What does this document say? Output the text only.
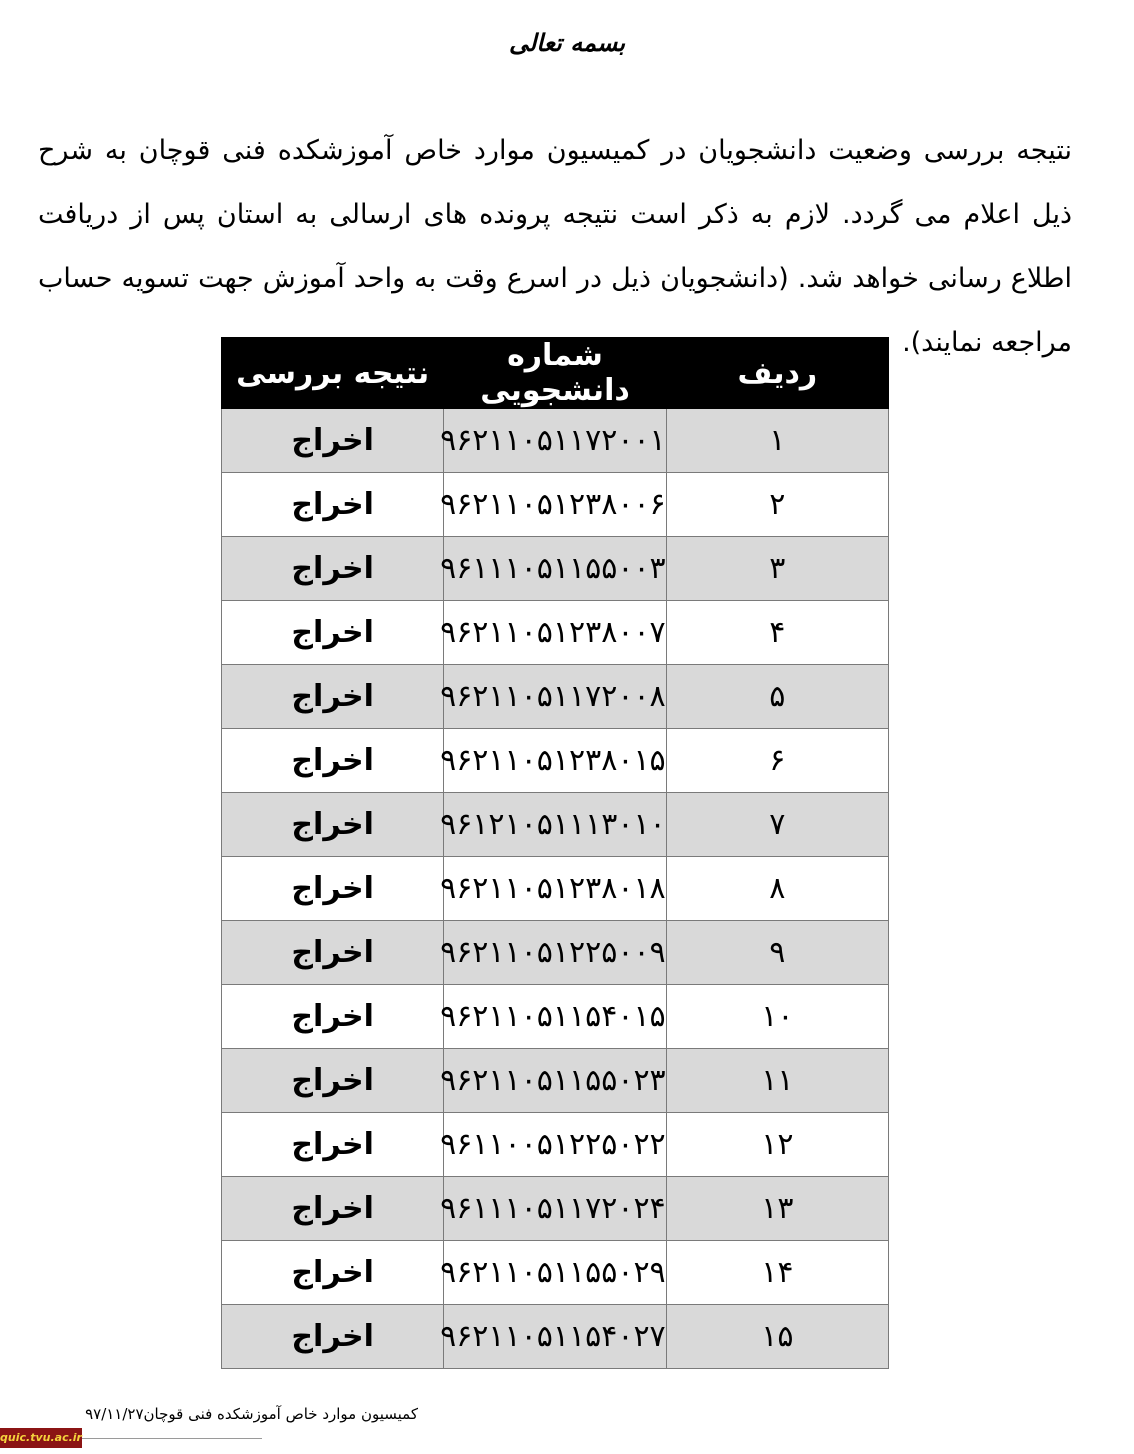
بسمه تعالی

نتیجه بررسی وضعیت دانشجویان در کمیسیون موارد خاص آموزشکده فنی قوچان به شرح ذیل اعلام می گردد. لازم به ذکر است نتیجه پرونده های ارسالی به استان پس از دریافت اطلاع رسانی خواهد شد. (دانشجویان ذیل در اسرع وقت به واحد آموزش جهت تسویه حساب مراجعه نمایند).

ردیف	شماره دانشجویی	نتیجه بررسی
۱	۹۶۲۱۱۰۵۱۱۷۲۰۰۱	اخراج
۲	۹۶۲۱۱۰۵۱۲۳۸۰۰۶	اخراج
۳	۹۶۱۱۱۰۵۱۱۵۵۰۰۳	اخراج
۴	۹۶۲۱۱۰۵۱۲۳۸۰۰۷	اخراج
۵	۹۶۲۱۱۰۵۱۱۷۲۰۰۸	اخراج
۶	۹۶۲۱۱۰۵۱۲۳۸۰۱۵	اخراج
۷	۹۶۱۲۱۰۵۱۱۱۳۰۱۰	اخراج
۸	۹۶۲۱۱۰۵۱۲۳۸۰۱۸	اخراج
۹	۹۶۲۱۱۰۵۱۲۲۵۰۰۹	اخراج
۱۰	۹۶۲۱۱۰۵۱۱۵۴۰۱۵	اخراج
۱۱	۹۶۲۱۱۰۵۱۱۵۵۰۲۳	اخراج
۱۲	۹۶۱۱۰۰۵۱۲۲۵۰۲۲	اخراج
۱۳	۹۶۱۱۱۰۵۱۱۷۲۰۲۴	اخراج
۱۴	۹۶۲۱۱۰۵۱۱۵۵۰۲۹	اخراج
۱۵	۹۶۲۱۱۰۵۱۱۵۴۰۲۷	اخراج
کمیسیون موارد خاص آموزشکده فنی قوچان۹۷/۱۱/۲۷
quic.tvu.ac.ir
